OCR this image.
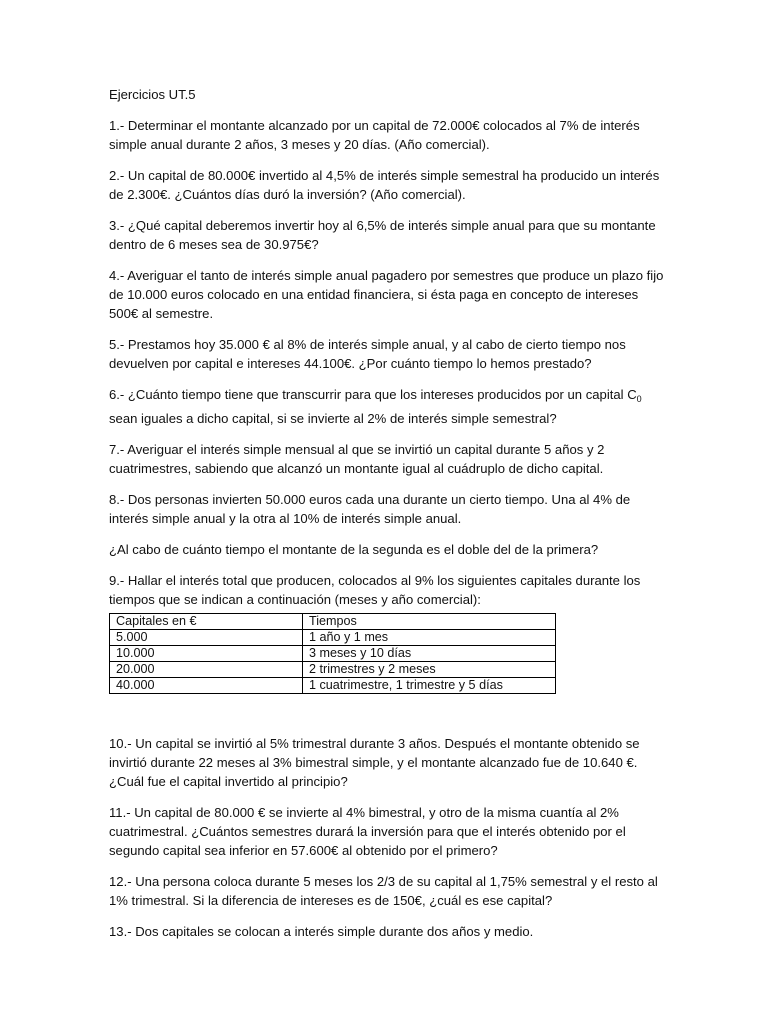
Ejercicios UT.5

1.- Determinar el montante alcanzado por un capital de 72.000€ colocados al 7% de interés simple anual durante 2 años, 3 meses y 20 días. (Año comercial).

2.- Un capital de 80.000€ invertido al 4,5% de interés simple semestral ha producido un interés de 2.300€. ¿Cuántos días duró la inversión? (Año comercial).

3.- ¿Qué capital deberemos invertir hoy al 6,5% de interés simple anual para que su montante dentro de 6 meses sea de 30.975€?

4.- Averiguar el tanto de interés simple anual pagadero por semestres que produce un plazo fijo de 10.000 euros colocado en una entidad financiera, si ésta paga en concepto de intereses 500€ al semestre.

5.- Prestamos hoy 35.000 € al 8% de interés simple anual, y al cabo de cierto tiempo nos devuelven por capital e intereses 44.100€. ¿Por cuánto tiempo lo hemos prestado?

6.- ¿Cuánto tiempo tiene que transcurrir para que los intereses producidos por un capital $C_0$ sean iguales a dicho capital, si se invierte al 2% de interés simple semestral?

7.- Averiguar el interés simple mensual al que se invirtió un capital durante 5 años y 2 cuatrimestres, sabiendo que alcanzó un montante igual al cuádruplo de dicho capital.

8.- Dos personas invierten 50.000 euros cada una durante un cierto tiempo. Una al 4% de interés simple anual y la otra al 10% de interés simple anual.

¿Al cabo de cuánto tiempo el montante de la segunda es el doble del de la primera?

9.- Hallar el interés total que producen, colocados al 9% los siguientes capitales durante los tiempos que se indican a continuación (meses y año comercial):

Capitales en €	Tiempos
5.000	1 año y 1 mes
10.000	3 meses y 10 días
20.000	2 trimestres y 2 meses
40.000	1 cuatrimestre, 1 trimestre y 5 días

10.- Un capital se invirtió al 5% trimestral durante 3 años. Después el montante obtenido se invirtió durante 22 meses al 3% bimestral simple, y el montante alcanzado fue de 10.640 €. ¿Cuál fue el capital invertido al principio?

11.- Un capital de 80.000 € se invierte al 4% bimestral, y otro de la misma cuantía al 2% cuatrimestral. ¿Cuántos semestres durará la inversión para que el interés obtenido por el segundo capital sea inferior en 57.600€ al obtenido por el primero?

12.- Una persona coloca durante 5 meses los 2/3 de su capital al 1,75% semestral y el resto al 1% trimestral. Si la diferencia de intereses es de 150€, ¿cuál es ese capital?

13.- Dos capitales se colocan a interés simple durante dos años y medio.
